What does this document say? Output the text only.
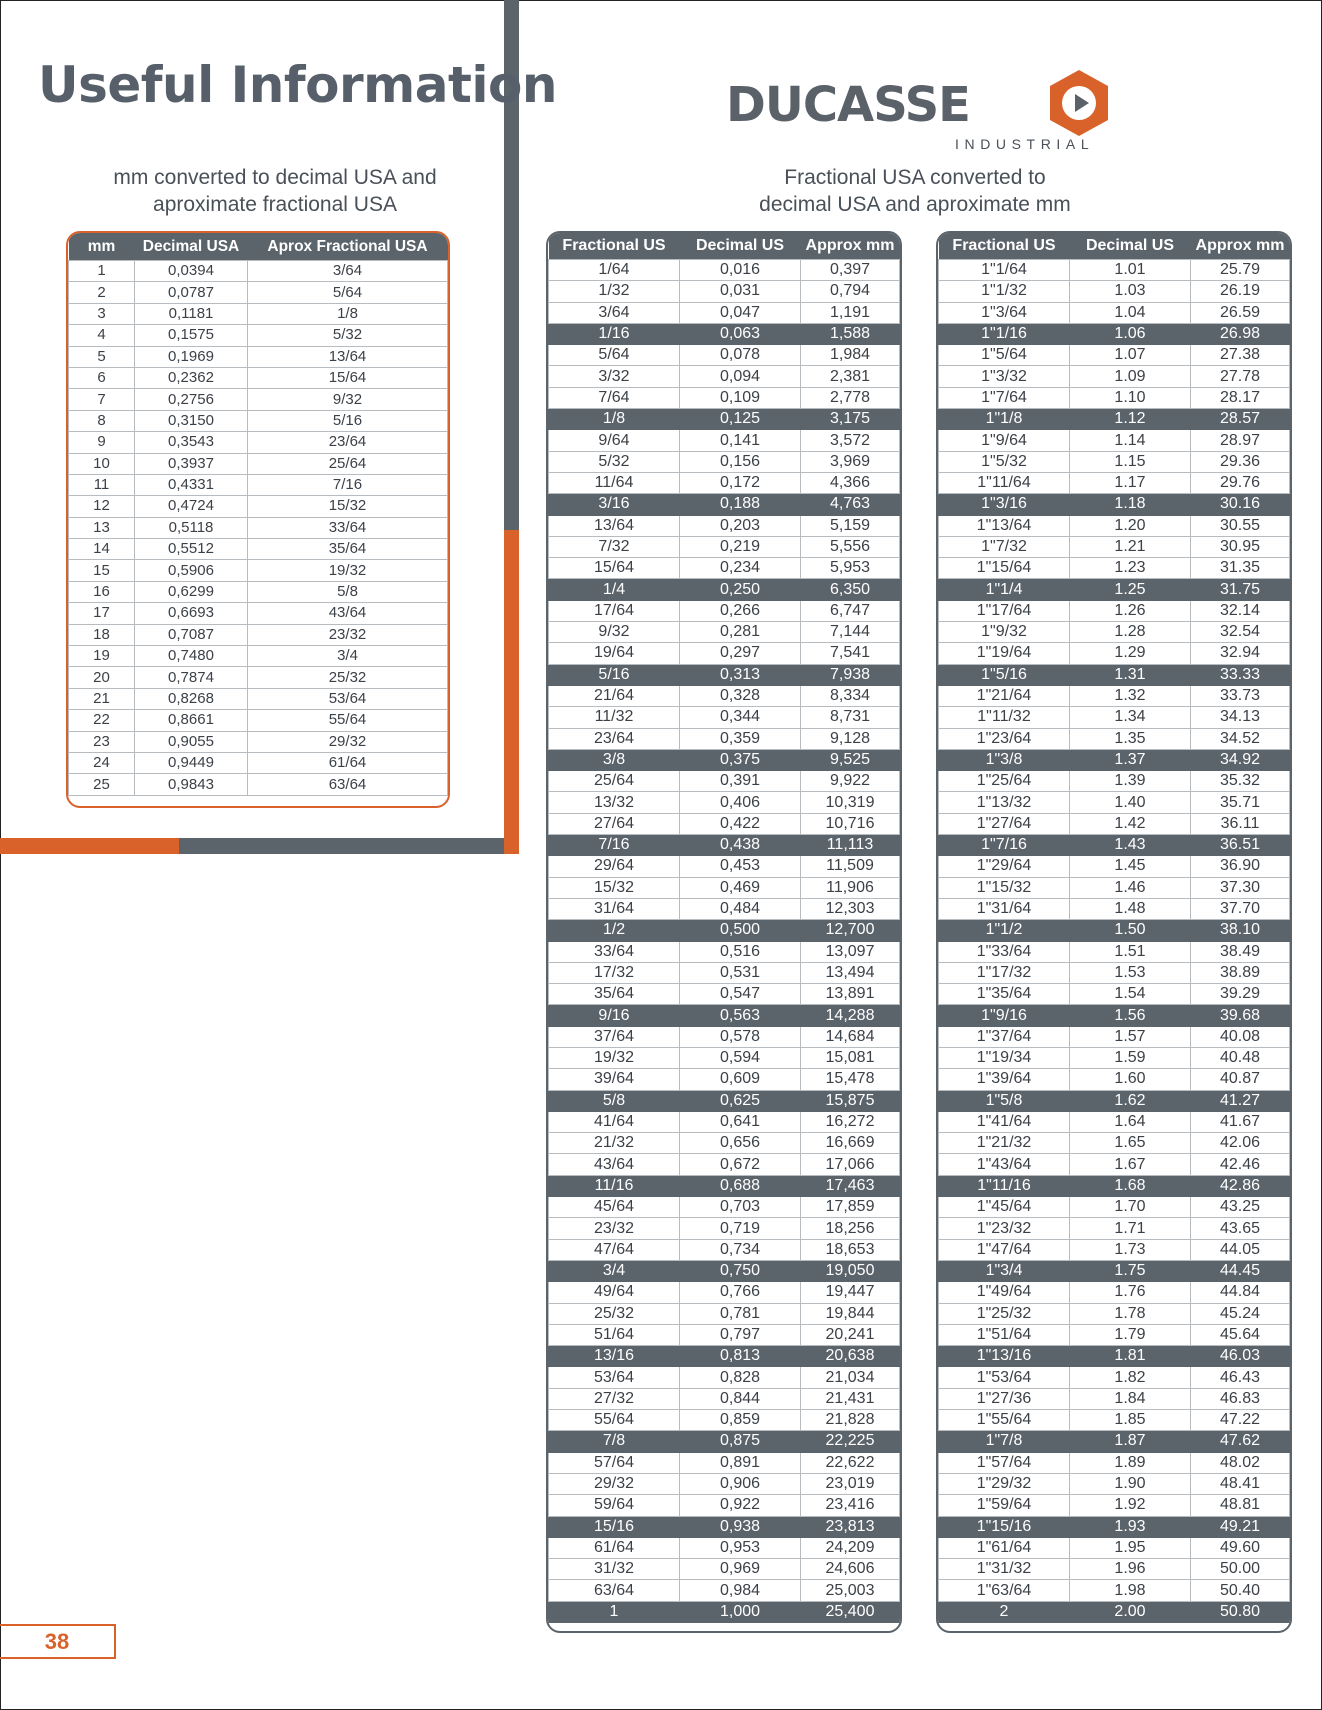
Useful Information	DUCASSE
INDUSTRIAL
mm converted to decimal USA and
aproximate fractional USA
Fractional USA converted to
decimal USA and aproximate mm
mm	Decimal USA	Aprox Fractional USA
1	0,0394	3/64
2	0,0787	5/64
3	0,1181	1/8
4	0,1575	5/32
5	0,1969	13/64
6	0,2362	15/64
7	0,2756	9/32
8	0,3150	5/16
9	0,3543	23/64
10	0,3937	25/64
11	0,4331	7/16
12	0,4724	15/32
13	0,5118	33/64
14	0,5512	35/64
15	0,5906	19/32
16	0,6299	5/8
17	0,6693	43/64
18	0,7087	23/32
19	0,7480	3/4
20	0,7874	25/32
21	0,8268	53/64
22	0,8661	55/64
23	0,9055	29/32
24	0,9449	61/64
25	0,9843	63/64
Fractional US	Decimal US	Approx mm
1/64	0,016	0,397
1/32	0,031	0,794
3/64	0,047	1,191
1/16	0,063	1,588
5/64	0,078	1,984
3/32	0,094	2,381
7/64	0,109	2,778
1/8	0,125	3,175
9/64	0,141	3,572
5/32	0,156	3,969
11/64	0,172	4,366
3/16	0,188	4,763
13/64	0,203	5,159
7/32	0,219	5,556
15/64	0,234	5,953
1/4	0,250	6,350
17/64	0,266	6,747
9/32	0,281	7,144
19/64	0,297	7,541
5/16	0,313	7,938
21/64	0,328	8,334
11/32	0,344	8,731
23/64	0,359	9,128
3/8	0,375	9,525
25/64	0,391	9,922
13/32	0,406	10,319
27/64	0,422	10,716
7/16	0,438	11,113
29/64	0,453	11,509
15/32	0,469	11,906
31/64	0,484	12,303
1/2	0,500	12,700
33/64	0,516	13,097
17/32	0,531	13,494
35/64	0,547	13,891
9/16	0,563	14,288
37/64	0,578	14,684
19/32	0,594	15,081
39/64	0,609	15,478
5/8	0,625	15,875
41/64	0,641	16,272
21/32	0,656	16,669
43/64	0,672	17,066
11/16	0,688	17,463
45/64	0,703	17,859
23/32	0,719	18,256
47/64	0,734	18,653
3/4	0,750	19,050
49/64	0,766	19,447
25/32	0,781	19,844
51/64	0,797	20,241
13/16	0,813	20,638
53/64	0,828	21,034
27/32	0,844	21,431
55/64	0,859	21,828
7/8	0,875	22,225
57/64	0,891	22,622
29/32	0,906	23,019
59/64	0,922	23,416
15/16	0,938	23,813
61/64	0,953	24,209
31/32	0,969	24,606
63/64	0,984	25,003
1	1,000	25,400
Fractional US	Decimal US	Approx mm
1"1/64	1.01	25.79
1"1/32	1.03	26.19
1"3/64	1.04	26.59
1"1/16	1.06	26.98
1"5/64	1.07	27.38
1"3/32	1.09	27.78
1"7/64	1.10	28.17
1"1/8	1.12	28.57
1"9/64	1.14	28.97
1"5/32	1.15	29.36
1"11/64	1.17	29.76
1"3/16	1.18	30.16
1"13/64	1.20	30.55
1"7/32	1.21	30.95
1"15/64	1.23	31.35
1"1/4	1.25	31.75
1"17/64	1.26	32.14
1"9/32	1.28	32.54
1"19/64	1.29	32.94
1"5/16	1.31	33.33
1"21/64	1.32	33.73
1"11/32	1.34	34.13
1"23/64	1.35	34.52
1"3/8	1.37	34.92
1"25/64	1.39	35.32
1"13/32	1.40	35.71
1"27/64	1.42	36.11
1"7/16	1.43	36.51
1"29/64	1.45	36.90
1"15/32	1.46	37.30
1"31/64	1.48	37.70
1"1/2	1.50	38.10
1"33/64	1.51	38.49
1"17/32	1.53	38.89
1"35/64	1.54	39.29
1"9/16	1.56	39.68
1"37/64	1.57	40.08
1"19/34	1.59	40.48
1"39/64	1.60	40.87
1"5/8	1.62	41.27
1"41/64	1.64	41.67
1"21/32	1.65	42.06
1"43/64	1.67	42.46
1"11/16	1.68	42.86
1"45/64	1.70	43.25
1"23/32	1.71	43.65
1"47/64	1.73	44.05
1"3/4	1.75	44.45
1"49/64	1.76	44.84
1"25/32	1.78	45.24
1"51/64	1.79	45.64
1"13/16	1.81	46.03
1"53/64	1.82	46.43
1"27/36	1.84	46.83
1"55/64	1.85	47.22
1"7/8	1.87	47.62
1"57/64	1.89	48.02
1"29/32	1.90	48.41
1"59/64	1.92	48.81
1"15/16	1.93	49.21
1"61/64	1.95	49.60
1"31/32	1.96	50.00
1"63/64	1.98	50.40
2	2.00	50.80
38
